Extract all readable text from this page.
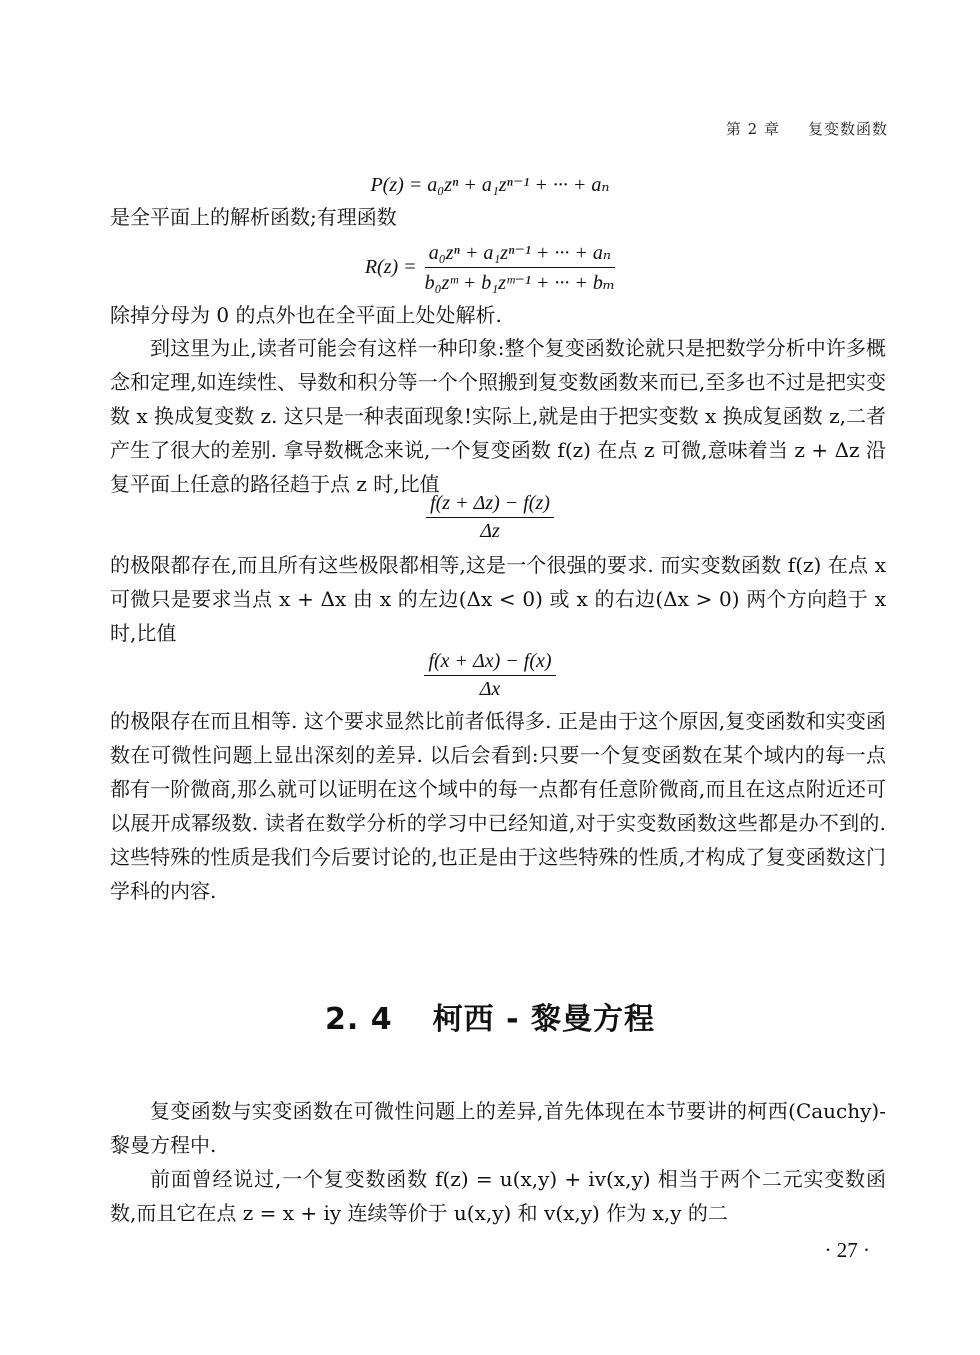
第 2 章 复变数函数
P(z) = a₀zⁿ + a₁zⁿ⁻¹ + ··· + aₙ

是全平面上的解析函数;有理函数

$R(z) = \frac{\text{a₀zⁿ + a₁zⁿ⁻¹ + ··· + aₙ}}{\text{b₀zᵐ + b₁zᵐ⁻¹ + ··· + bₘ}}$

除掉分母为 0 的点外也在全平面上处处解析.

到这里为止,读者可能会有这样一种印象:整个复变函数论就只是把数学分析中许多概念和定理,如连续性、导数和积分等一个个照搬到复变数函数来而已,至多也不过是把实变数 x 换成复变数 z. 这只是一种表面现象!实际上,就是由于把实变数 x 换成复函数 z,二者产生了很大的差别. 拿导数概念来说,一个复变函数 f(z) 在点 z 可微,意味着当 z + Δz 沿复平面上任意的路径趋于点 z 时,比值

$\frac{f(z + \Delta z) - f(z)}{\Delta z}$

的极限都存在,而且所有这些极限都相等,这是一个很强的要求. 而实变数函数 f(z) 在点 x 可微只是要求当点 x + Δx 由 x 的左边(Δx < 0) 或 x 的右边(Δx > 0) 两个方向趋于 x 时,比值

$\frac{f(x + \Delta x) - f(x)}{\Delta x}$

的极限存在而且相等. 这个要求显然比前者低得多. 正是由于这个原因,复变函数和实变函数在可微性问题上显出深刻的差异. 以后会看到:只要一个复变函数在某个域内的每一点都有一阶微商,那么就可以证明在这个域中的每一点都有任意阶微商,而且在这点附近还可以展开成幂级数. 读者在数学分析的学习中已经知道,对于实变数函数这些都是办不到的. 这些特殊的性质是我们今后要讨论的,也正是由于这些特殊的性质,才构成了复变函数这门学科的内容.

2. 4 柯西 - 黎曼方程

复变函数与实变函数在可微性问题上的差异,首先体现在本节要讲的柯西(Cauchy)-黎曼方程中.

前面曾经说过,一个复变数函数 f(z) = u(x,y) + iv(x,y) 相当于两个二元实变数函数,而且它在点 z = x + iy 连续等价于 u(x,y) 和 v(x,y) 作为 x,y 的二

· 27 ·
